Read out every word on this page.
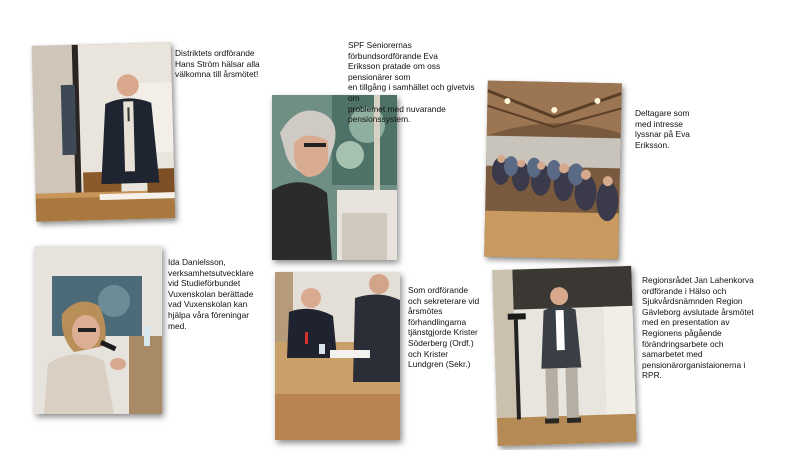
Distriktets ordförande
Hans Ström hälsar alla
välkomna till årsmötet!

SPF Seniorernas förbundsordförande Eva
Eriksson pratade om oss pensionärer som
en tillgång i samhället och givetvis om
problemet med nuvarande
pensionssystem.

Deltagare som
med intresse
lyssnar på Eva
Eriksson.

Ida Danielsson,
verksamhetsutvecklare
vid Studieförbundet
Vuxenskolan berättade
vad Vuxenskolan kan
hjälpa våra föreningar
med.

Som ordförande
och sekreterare vid
årsmötes
förhandlingarna
tjänstgjorde Krister
Söderberg (Ordf.)
och Krister
Lundgren (Sekr.)

Regionsrådet Jan Lahenkorva
ordförande i Hälso och
Sjukvårdsnämnden Region
Gävleborg avslutade årsmötet
med en presentation av
Regionens pågående
förändringsarbete och
samarbetet med
pensionärorganistaionerna i
RPR.
